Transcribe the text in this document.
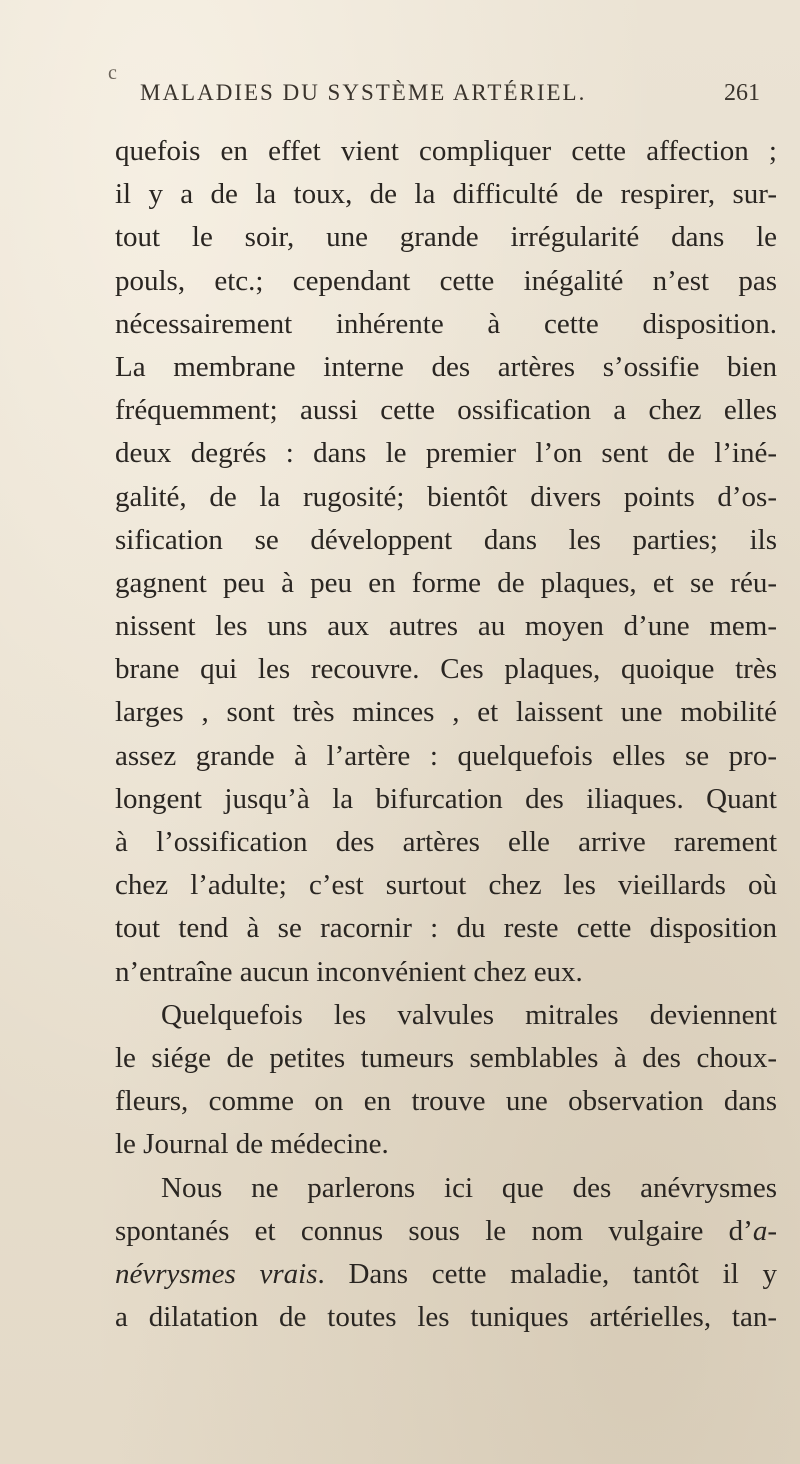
c
MALADIES DU SYSTÈME ARTÉRIEL.	261
quefois en effet vient compliquer cette affection ;
il y a de la toux, de la difficulté de respirer, sur-
tout le soir, une grande irrégularité dans le
pouls, etc.; cependant cette inégalité n’est pas
nécessairement inhérente à cette disposition.
La membrane interne des artères s’ossifie bien
fréquemment; aussi cette ossification a chez elles
deux degrés : dans le premier l’on sent de l’iné-
galité, de la rugosité; bientôt divers points d’os-
sification se développent dans les parties; ils
gagnent peu à peu en forme de plaques, et se réu-
nissent les uns aux autres au moyen d’une mem-
brane qui les recouvre. Ces plaques, quoique très
larges , sont très minces , et laissent une mobilité
assez grande à l’artère : quelquefois elles se pro-
longent jusqu’à la bifurcation des iliaques. Quant
à l’ossification des artères elle arrive rarement
chez l’adulte; c’est surtout chez les vieillards où
tout tend à se racornir : du reste cette disposition
n’entraîne aucun inconvénient chez eux.
Quelquefois les valvules mitrales deviennent
le siége de petites tumeurs semblables à des choux-
fleurs, comme on en trouve une observation dans
le Journal de médecine.
Nous ne parlerons ici que des anévrysmes
spontanés et connus sous le nom vulgaire d’a-
névrysmes vrais. Dans cette maladie, tantôt il y
a dilatation de toutes les tuniques artérielles, tan-
